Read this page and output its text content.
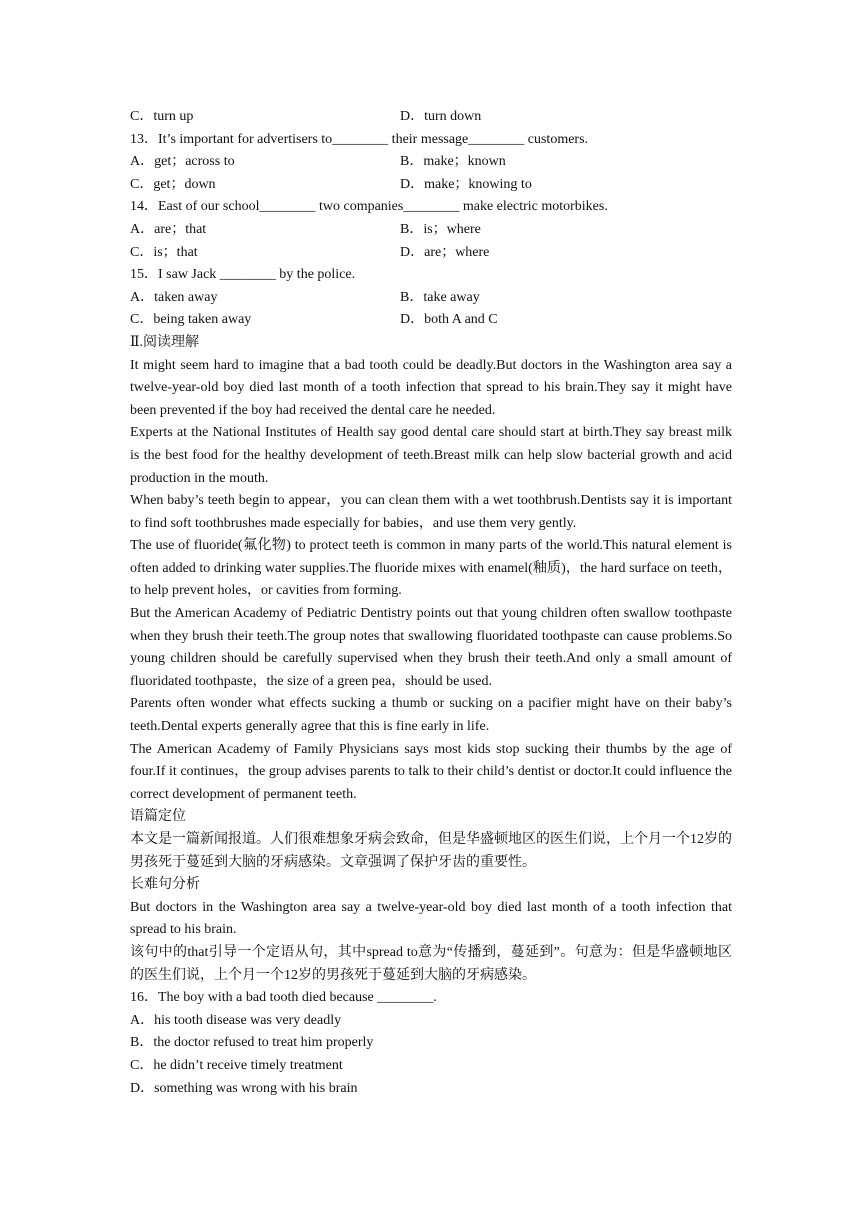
C．turn up	D．turn down
13．It’s important for advertisers to________ their message________ customers.
A．get；across to	B．make；known
C．get；down	D．make；knowing to
14．East of our school________ two companies________ make electric motorbikes.
A．are；that	B．is；where
C．is；that	D．are；where
15．I saw Jack ________ by the police.
A．taken away	B．take away
C．being taken away	D．both A and C
Ⅱ.阅读理解
It might seem hard to imagine that a bad tooth could be deadly.But doctors in the Washington area say a twelve-year-old boy died last month of a tooth infection that spread to his brain.They say it might have been prevented if the boy had received the dental care he needed.
Experts at the National Institutes of Health say good dental care should start at birth.They say breast milk is the best food for the healthy development of teeth.Breast milk can help slow bacterial growth and acid production in the mouth.
When baby’s teeth begin to appear，you can clean them with a wet toothbrush.Dentists say it is important to find soft toothbrushes made especially for babies，and use them very gently.
The use of fluoride(氟化物) to protect teeth is common in many parts of the world.This natural element is often added to drinking water supplies.The fluoride mixes with enamel(釉质)，the hard surface on teeth，to help prevent holes，or cavities from forming.
But the American Academy of Pediatric Dentistry points out that young children often swallow toothpaste when they brush their teeth.The group notes that swallowing fluoridated toothpaste can cause problems.So young children should be carefully supervised when they brush their teeth.And only a small amount of fluoridated toothpaste，the size of a green pea，should be used.
Parents often wonder what effects sucking a thumb or sucking on a pacifier might have on their baby’s teeth.Dental experts generally agree that this is fine early in life.
The American Academy of Family Physicians says most kids stop sucking their thumbs by the age of four.If it continues，the group advises parents to talk to their child’s dentist or doctor.It could influence the correct development of permanent teeth.
语篇定位
本文是一篇新闻报道。人们很难想象牙病会致命，但是华盛顿地区的医生们说，上个月一个12岁的男孩死于蔓延到大脑的牙病感染。文章强调了保护牙齿的重要性。
长难句分析
But doctors in the Washington area say a twelve-year-old boy died last month of a tooth infection that spread to his brain.
该句中的that引导一个定语从句，其中spread to意为“传播到，蔓延到”。句意为：但是华盛顿地区的医生们说，上个月一个12岁的男孩死于蔓延到大脑的牙病感染。
16．The boy with a bad tooth died because ________.
A．his tooth disease was very deadly
B．the doctor refused to treat him properly
C．he didn’t receive timely treatment
D．something was wrong with his brain
